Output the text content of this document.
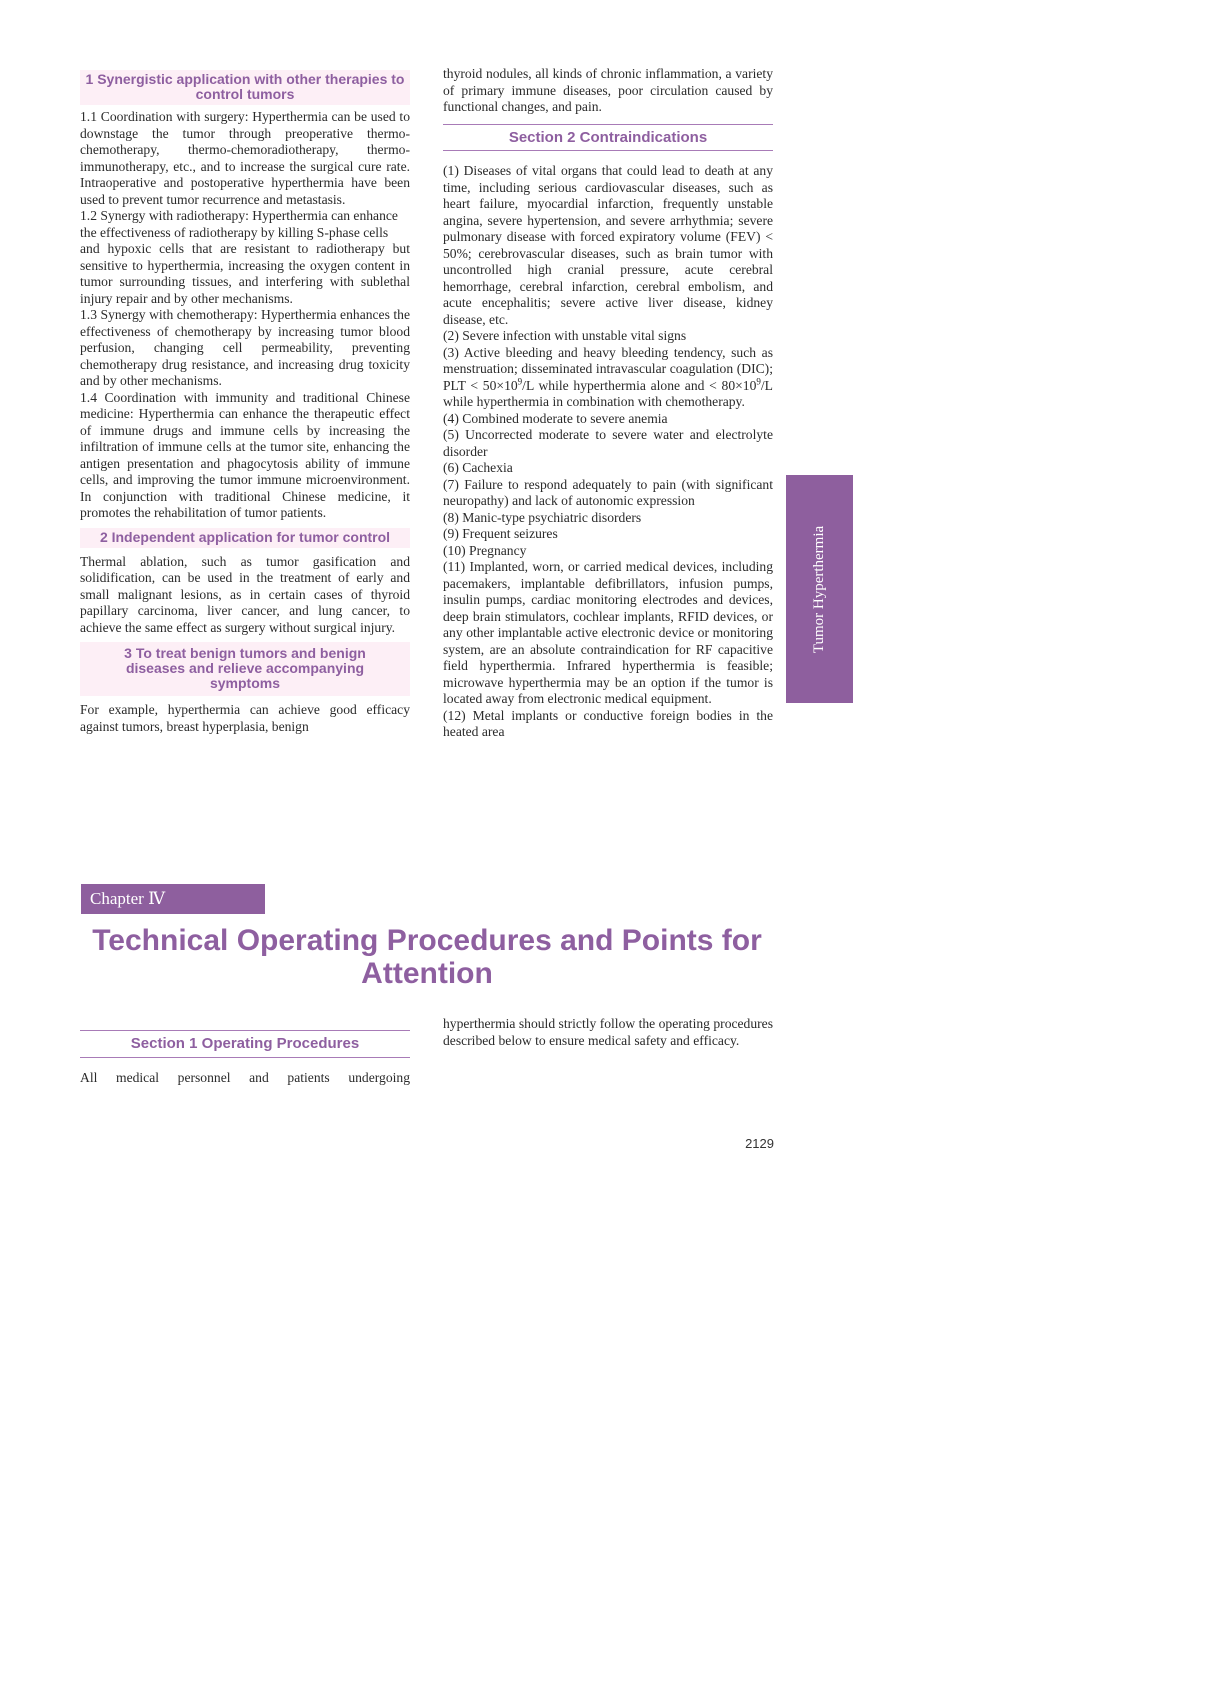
1 Synergistic application with other therapies to control tumors

1.1 Coordination with surgery: Hyperthermia can be used to downstage the tumor through preoperative thermo-chemotherapy, thermo-chemoradiotherapy, thermo-immunotherapy, etc., and to increase the surgical cure rate. Intraoperative and postoperative hyperthermia have been used to prevent tumor recurrence and metastasis.

1.2 Synergy with radiotherapy: Hyperthermia can enhance the effectiveness of radiotherapy by killing S-phase cells

and hypoxic cells that are resistant to radiotherapy but sensitive to hyperthermia, increasing the oxygen content in tumor surrounding tissues, and interfering with sublethal injury repair and by other mechanisms.

1.3 Synergy with chemotherapy: Hyperthermia enhances the effectiveness of chemotherapy by increasing tumor blood perfusion, changing cell permeability, preventing chemotherapy drug resistance, and increasing drug toxicity and by other mechanisms.

1.4 Coordination with immunity and traditional Chinese medicine: Hyperthermia can enhance the therapeutic effect of immune drugs and immune cells by increasing the infiltration of immune cells at the tumor site, enhancing the antigen presentation and phagocytosis ability of immune cells, and improving the tumor immune microenvironment. In conjunction with traditional Chinese medicine, it promotes the rehabilitation of tumor patients.

2 Independent application for tumor control

Thermal ablation, such as tumor gasification and solidification, can be used in the treatment of early and small malignant lesions, as in certain cases of thyroid papillary carcinoma, liver cancer, and lung cancer, to achieve the same effect as surgery without surgical injury.

3 To treat benign tumors and benign diseases and relieve accompanying symptoms

For example, hyperthermia can achieve good efficacy against tumors, breast hyperplasia, benign

thyroid nodules, all kinds of chronic inflammation, a variety of primary immune diseases, poor circulation caused by functional changes, and pain.

Section 2 Contraindications

(1) Diseases of vital organs that could lead to death at any time, including serious cardiovascular diseases, such as heart failure, myocardial infarction, frequently unstable angina, severe hypertension, and severe arrhythmia; severe pulmonary disease with forced expiratory volume (FEV) < 50%; cerebrovascular diseases, such as brain tumor with uncontrolled high cranial pressure, acute cerebral hemorrhage, cerebral infarction, cerebral embolism, and acute encephalitis; severe active liver disease, kidney disease, etc.

(2) Severe infection with unstable vital signs

(3) Active bleeding and heavy bleeding tendency, such as menstruation; disseminated intravascular coagulation (DIC); PLT < $50\times 10^9/L$ while hyperthermia alone and < $80\times 10^9/L$ while hyperthermia in combination with chemotherapy.

(4) Combined moderate to severe anemia

(5) Uncorrected moderate to severe water and electrolyte disorder

(6) Cachexia

(7) Failure to respond adequately to pain (with significant neuropathy) and lack of autonomic expression

(8) Manic-type psychiatric disorders

(9) Frequent seizures

(10) Pregnancy

(11) Implanted, worn, or carried medical devices, including pacemakers, implantable defibrillators, infusion pumps, insulin pumps, cardiac monitoring electrodes and devices, deep brain stimulators, cochlear implants, RFID devices, or any other implantable active electronic device or monitoring system, are an absolute contraindication for RF capacitive field hyperthermia. Infrared hyperthermia is feasible; microwave hyperthermia may be an option if the tumor is located away from electronic medical equipment.

(12) Metal implants or conductive foreign bodies in the heated area

Tumor Hyperthermia
Chapter Ⅳ
Technical Operating Procedures and Points for Attention
Section 1 Operating Procedures

All medical personnel and patients undergoing

hyperthermia should strictly follow the operating procedures described below to ensure medical safety and efficacy.

2129
